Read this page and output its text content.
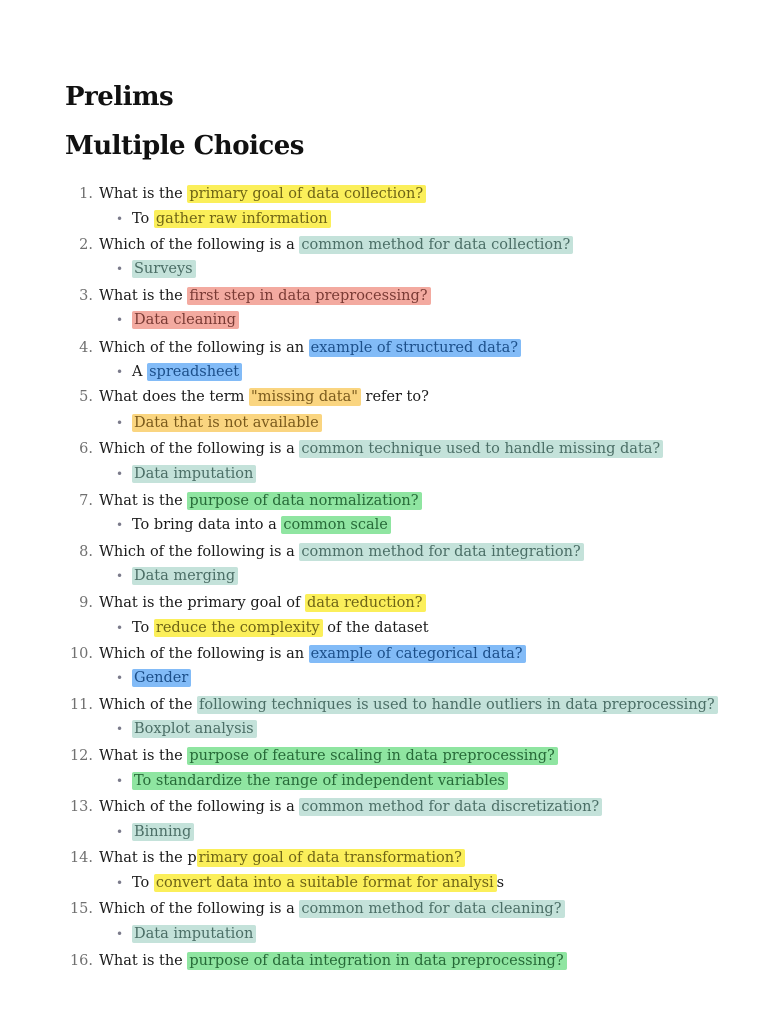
Prelims
Multiple Choices
1. What is the primary goal of data collection?
• To gather raw information
2. Which of the following is a common method for data collection?
• Surveys
3. What is the first step in data preprocessing?
• Data cleaning
4. Which of the following is an example of structured data?
• A spreadsheet
5. What does the term "missing data" refer to?
• Data that is not available
6. Which of the following is a common technique used to handle missing data?
• Data imputation
7. What is the purpose of data normalization?
• To bring data into a common scale
8. Which of the following is a common method for data integration?
• Data merging
9. What is the primary goal of data reduction?
• To reduce the complexity of the dataset
10. Which of the following is an example of categorical data?
• Gender
11. Which of the following techniques is used to handle outliers in data preprocessing?
• Boxplot analysis
12. What is the purpose of feature scaling in data preprocessing?
• To standardize the range of independent variables
13. Which of the following is a common method for data discretization?
• Binning
14. What is the p rimary goal of data transformation?
• To convert data into a suitable format for analysi s
15. Which of the following is a common method for data cleaning?
• Data imputation
16. What is the purpose of data integration in data preprocessing?
